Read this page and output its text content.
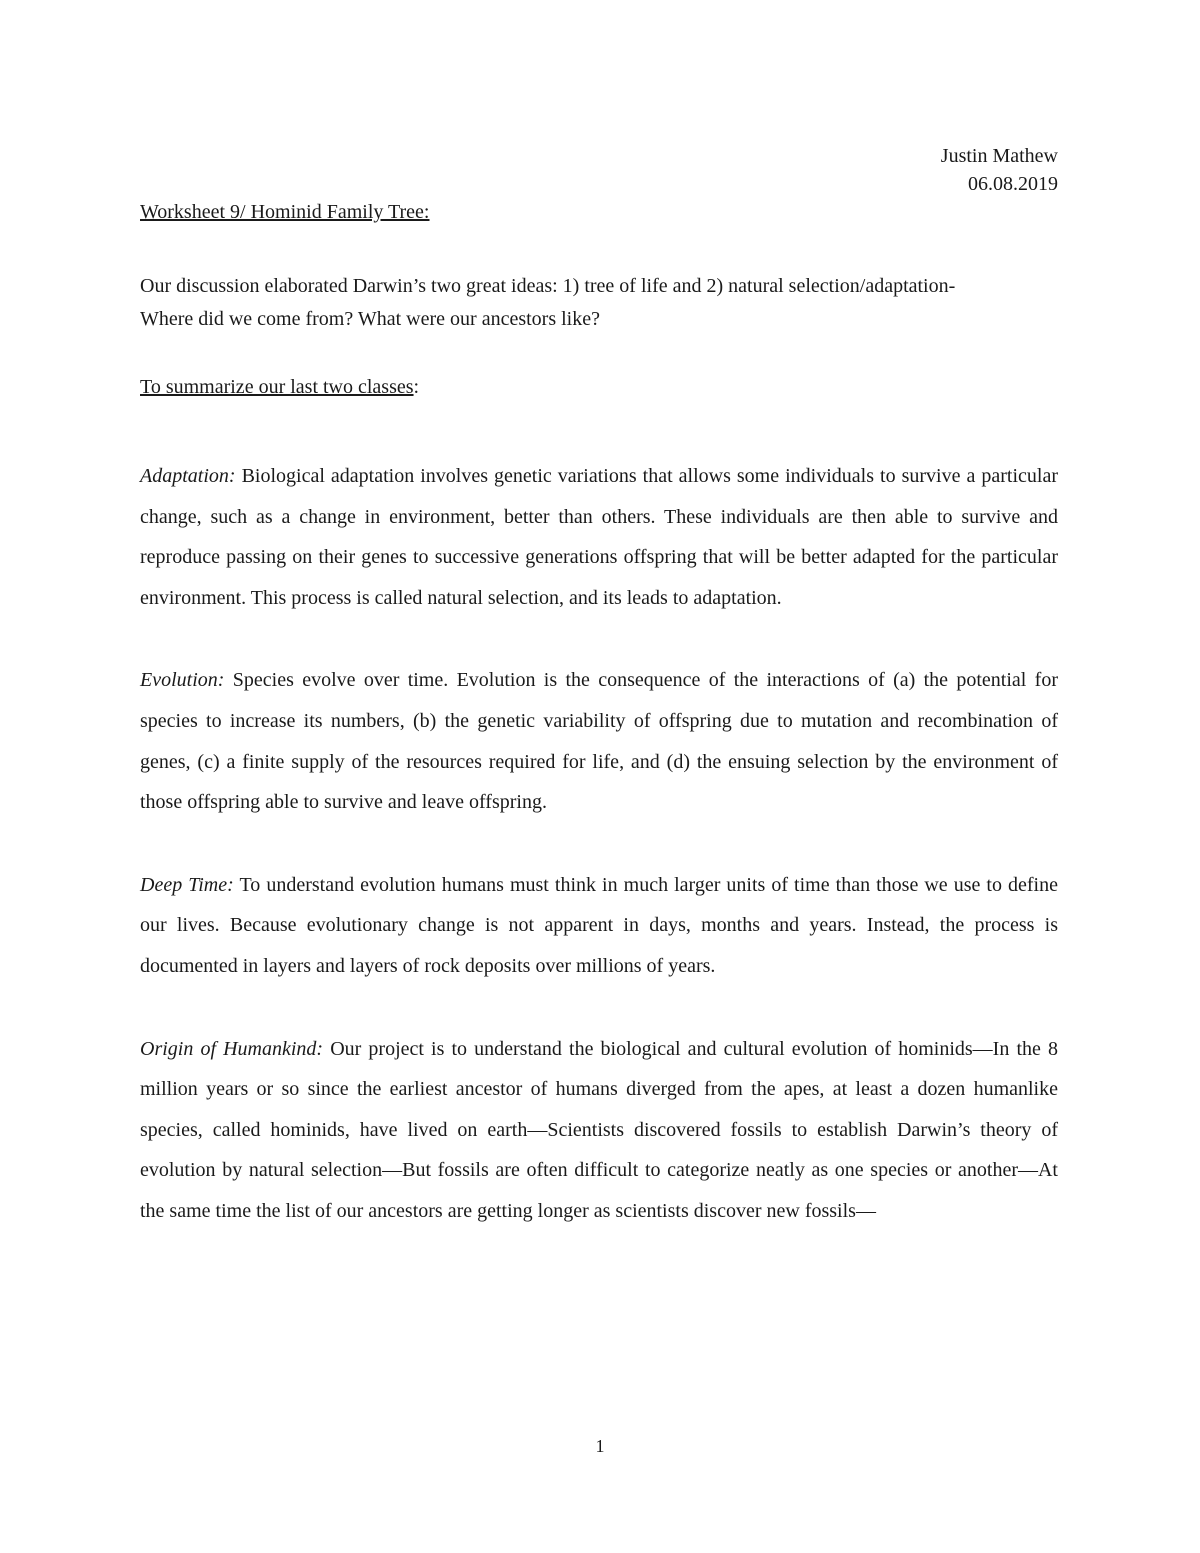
Justin Mathew
06.08.2019

Worksheet 9/ Hominid Family Tree:

Our discussion elaborated Darwin’s two great ideas: 1) tree of life and 2) natural selection/adaptation-

Where did we come from? What were our ancestors like?

To summarize our last two classes:

Adaptation: Biological adaptation involves genetic variations that allows some individuals to survive a particular change, such as a change in environment, better than others. These individuals are then able to survive and reproduce passing on their genes to successive generations offspring that will be better adapted for the particular environment. This process is called natural selection, and its leads to adaptation.

Evolution: Species evolve over time. Evolution is the consequence of the interactions of (a) the potential for species to increase its numbers, (b) the genetic variability of offspring due to mutation and recombination of genes, (c) a finite supply of the resources required for life, and (d) the ensuing selection by the environment of those offspring able to survive and leave offspring.

Deep Time: To understand evolution humans must think in much larger units of time than those we use to define our lives. Because evolutionary change is not apparent in days, months and years. Instead, the process is documented in layers and layers of rock deposits over millions of years.

Origin of Humankind: Our project is to understand the biological and cultural evolution of hominids—In the 8 million years or so since the earliest ancestor of humans diverged from the apes, at least a dozen humanlike species, called hominids, have lived on earth—Scientists discovered fossils to establish Darwin’s theory of evolution by natural selection—But fossils are often difficult to categorize neatly as one species or another—At the same time the list of our ancestors are getting longer as scientists discover new fossils—

1
